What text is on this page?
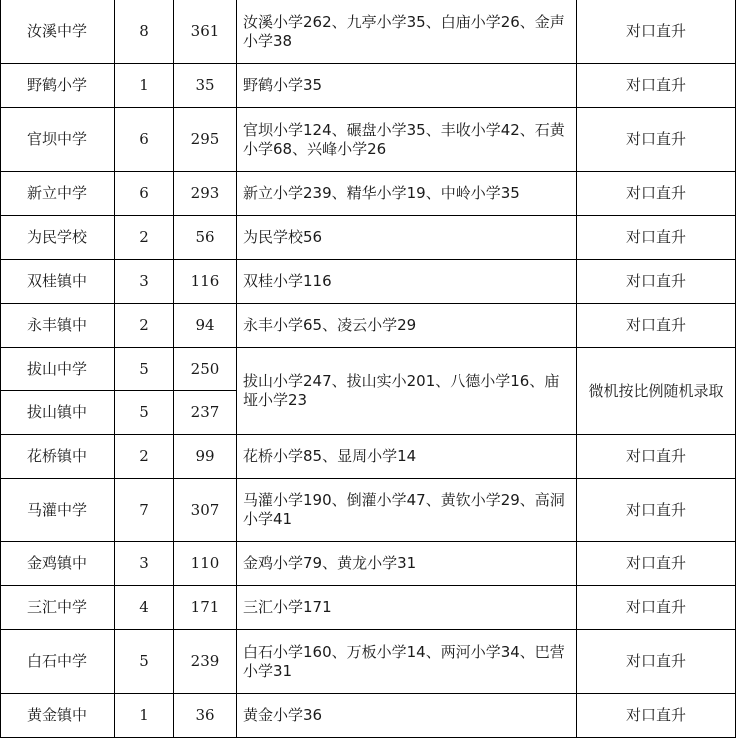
汝溪中学	8	361	汝溪小学262、九亭小学35、白庙小学26、金声小学38	对口直升
野鹤小学	1	35	野鹤小学35	对口直升
官坝中学	6	295	官坝小学124、碾盘小学35、丰收小学42、石黄小学68、兴峰小学26	对口直升
新立中学	6	293	新立小学239、精华小学19、中岭小学35	对口直升
为民学校	2	56	为民学校56	对口直升
双桂镇中	3	116	双桂小学116	对口直升
永丰镇中	2	94	永丰小学65、凌云小学29	对口直升
拔山中学	5	250	拔山小学247、拔山实小201、八德小学16、庙垭小学23	微机按比例随机录取
拔山镇中	5	237		
花桥镇中	2	99	花桥小学85、显周小学14	对口直升
马灌中学	7	307	马灌小学190、倒灌小学47、黄钦小学29、高洞小学41	对口直升
金鸡镇中	3	110	金鸡小学79、黄龙小学31	对口直升
三汇中学	4	171	三汇小学171	对口直升
白石中学	5	239	白石小学160、万板小学14、两河小学34、巴营小学31	对口直升
黄金镇中	1	36	黄金小学36	对口直升
